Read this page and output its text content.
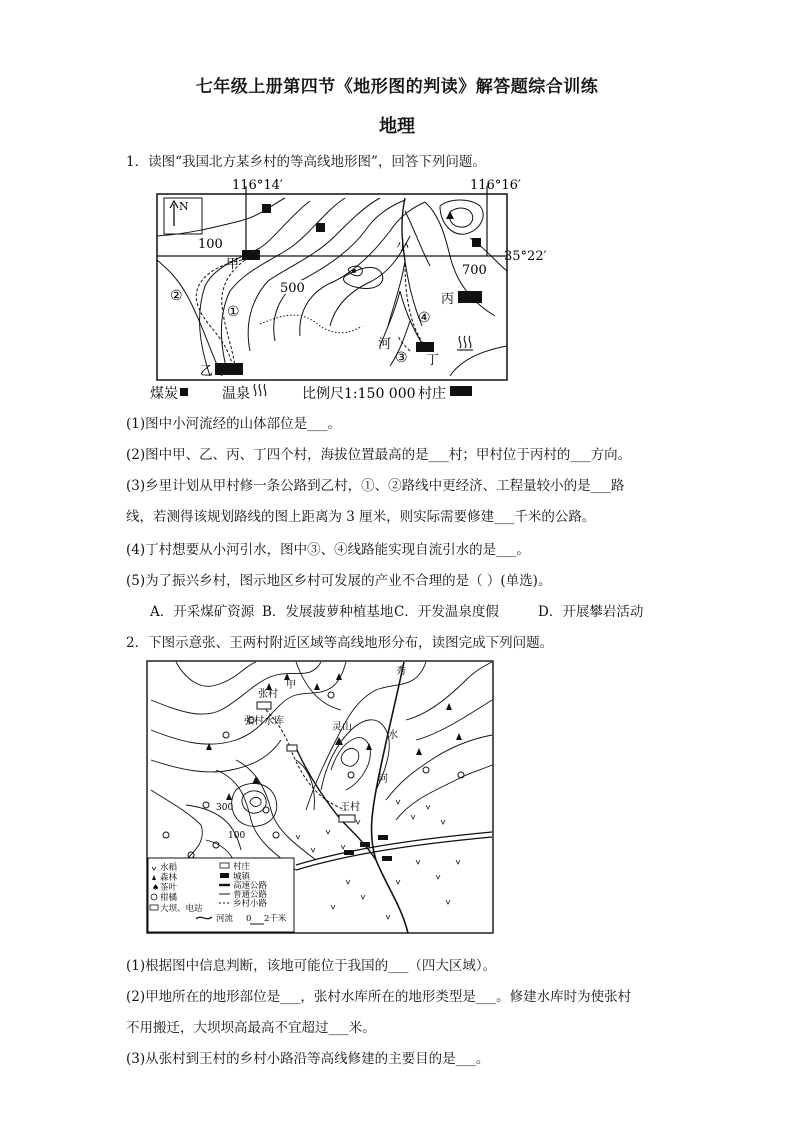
七年级上册第四节《地形图的判读》解答题综合训练
地理
1．读图“我国北方某乡村的等高线地形图”，回答下列问题。
116°14′	116°16′
35°22′
N
100
500
700
甲
乙
丙
丁
小
河
①
②
③
④
煤炭	温泉	比例尺1:150 000 村庄
(1)图中小河流经的山体部位是___。
(2)图中甲、乙、丙、丁四个村，海拔位置最高的是___村；甲村位于丙村的___方向。
(3)乡里计划从甲村修一条公路到乙村，①、②路线中更经济、工程量较小的是___路
线，若测得该规划路线的图上距离为 3 厘米，则实际需要修建___千米的公路。
(4)丁村想要从小河引水，图中③、④线路能实现自流引水的是___。
(5)为了振兴乡村，图示地区乡村可发展的产业不合理的是（ ）(单选)。
A．开采煤矿资源 B．发展菠萝种植基地 C．开发温泉度假	D．开展攀岩活动
2．下图示意张、王两村附近区域等高线地形分布，读图完成下列问题。
张村
甲
张村水库
灵山
王村
秀
水
河
300
100
水稻
森林
♠ 茶叶
柑橘
大坝、电站
村庄
城镇
高速公路
普通公路
乡村小路
河流 0 2千米
(1)根据图中信息判断，该地可能位于我国的___（四大区域）。
(2)甲地所在的地形部位是___，张村水库所在的地形类型是___。修建水库时为使张村
不用搬迁，大坝坝高最高不宜超过___米。
(3)从张村到王村的乡村小路沿等高线修建的主要目的是___。
